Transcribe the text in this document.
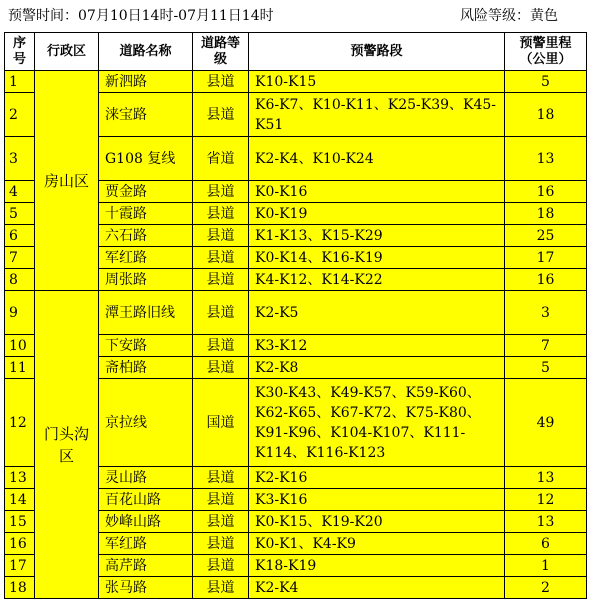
预警时间：07月10日14时-07月11日14时	风险等级：黄色
序号	行政区	道路名称	道路等级	预警路段	预警里程（公里）
1	房山区	新泗路	县道	K10-K15	5
2		涞宝路	县道	K6-K7、K10-K11、K25-K39、K45-K51	18
3		G108 复线	省道	K2-K4、K10-K24	13
4		贾金路	县道	K0-K16	16
5		十霞路	县道	K0-K19	18
6		六石路	县道	K1-K13、K15-K29	25
7		军红路	县道	K0-K14、K16-K19	17
8		周张路	县道	K4-K12、K14-K22	16
9	门头沟区	潭王路旧线	县道	K2-K5	3
10		下安路	县道	K3-K12	7
11		斋柏路	县道	K2-K8	5
12		京拉线	国道	K30-K43、K49-K57、K59-K60、K62-K65、K67-K72、K75-K80、K91-K96、K104-K107、K111-K114、K116-K123	49
13		灵山路	县道	K2-K16	13
14		百花山路	县道	K3-K16	12
15		妙峰山路	县道	K0-K15、K19-K20	13
16		军红路	县道	K0-K1、K4-K9	6
17		高芹路	县道	K18-K19	1
18		张马路	县道	K2-K4	2
